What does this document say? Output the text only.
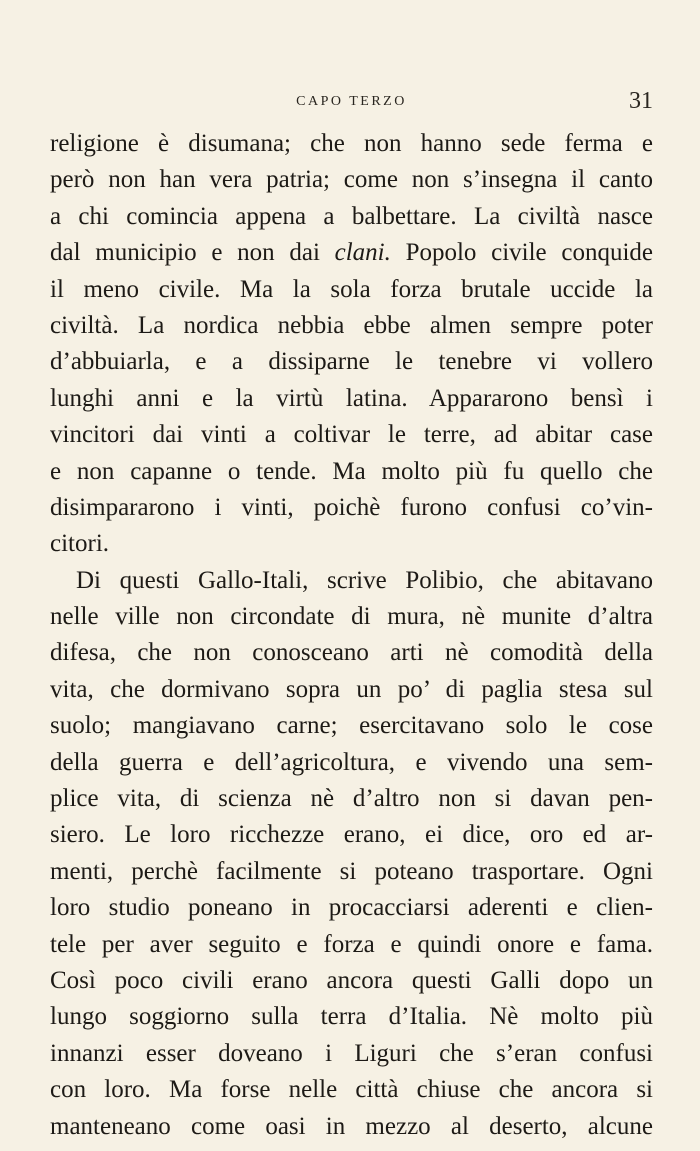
CAPO TERZO	31
religione è disumana; che non hanno sede ferma e
però non han vera patria; come non s’insegna il canto
a chi comincia appena a balbettare. La civiltà nasce
dal municipio e non dai clani. Popolo civile conquide
il meno civile. Ma la sola forza brutale uccide la
civiltà. La nordica nebbia ebbe almen sempre poter
d’abbuiarla, e a dissiparne le tenebre vi vollero
lunghi anni e la virtù latina. Appararono bensì i
vincitori dai vinti a coltivar le terre, ad abitar case
e non capanne o tende. Ma molto più fu quello che
disimpararono i vinti, poichè furono confusi co’vin-
citori.
Di questi Gallo-Itali, scrive Polibio, che abitavano
nelle ville non circondate di mura, nè munite d’altra
difesa, che non conosceano arti nè comodità della
vita, che dormivano sopra un po’ di paglia stesa sul
suolo; mangiavano carne; esercitavano solo le cose
della guerra e dell’agricoltura, e vivendo una sem-
plice vita, di scienza nè d’altro non si davan pen-
siero. Le loro ricchezze erano, ei dice, oro ed ar-
menti, perchè facilmente si poteano trasportare. Ogni
loro studio poneano in procacciarsi aderenti e clien-
tele per aver seguito e forza e quindi onore e fama.
Così poco civili erano ancora questi Galli dopo un
lungo soggiorno sulla terra d’Italia. Nè molto più
innanzi esser doveano i Liguri che s’eran confusi
con loro. Ma forse nelle città chiuse che ancora si
manteneano come oasi in mezzo al deserto, alcune
